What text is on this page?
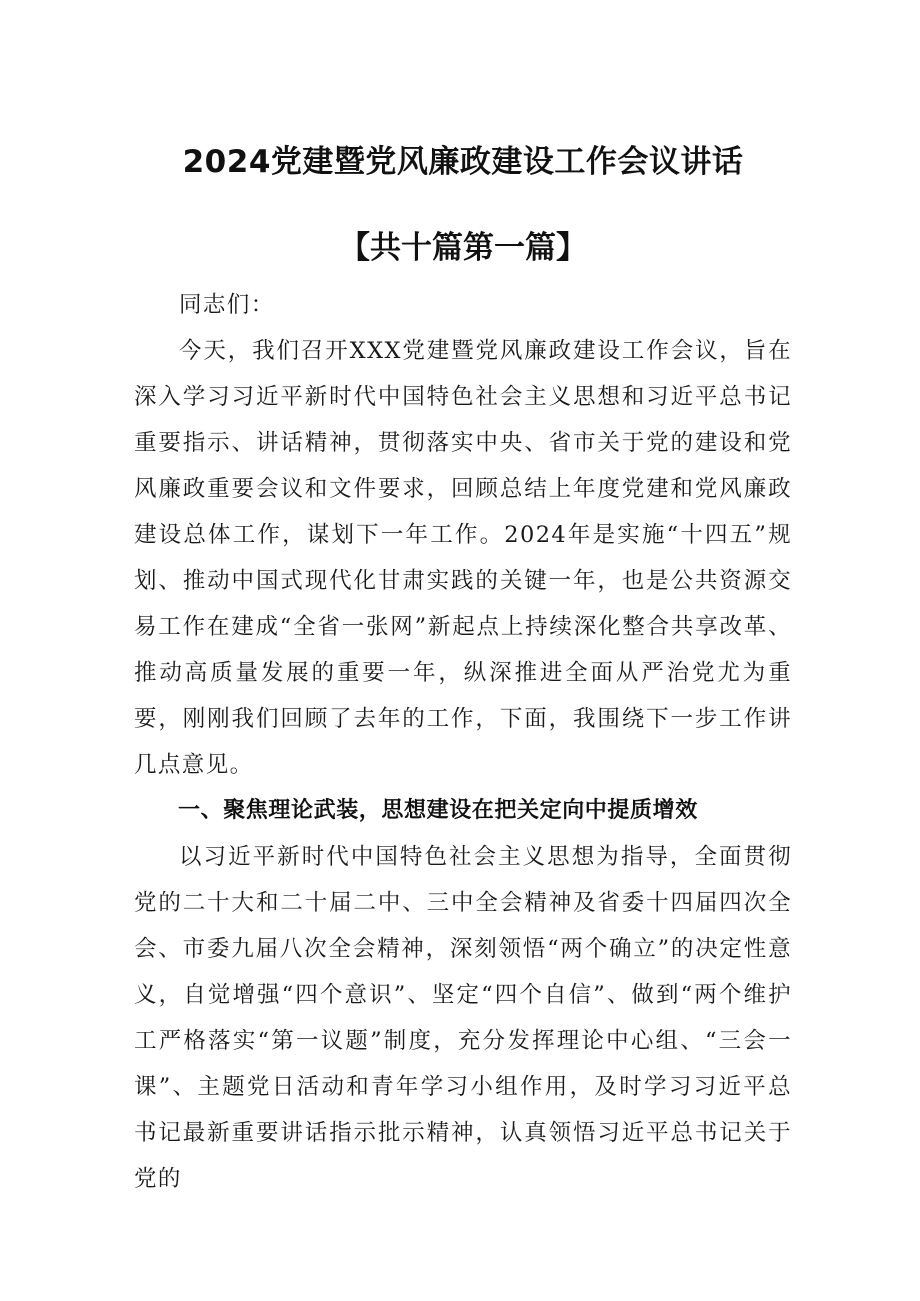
2024党建暨党风廉政建设工作会议讲话
【共十篇第一篇】

同志们：

今天，我们召开XXX党建暨党风廉政建设工作会议，旨在深入学习习近平新时代中国特色社会主义思想和习近平总书记重要指示、讲话精神，贯彻落实中央、省市关于党的建设和党风廉政重要会议和文件要求，回顾总结上年度党建和党风廉政建设总体工作，谋划下一年工作。2024年是实施“十四五”规划、推动中国式现代化甘肃实践的关键一年，也是公共资源交易工作在建成“全省一张网”新起点上持续深化整合共享改革、推动高质量发展的重要一年，纵深推进全面从严治党尤为重要，刚刚我们回顾了去年的工作，下面，我围绕下一步工作讲几点意见。

一、聚焦理论武装，思想建设在把关定向中提质增效

以习近平新时代中国特色社会主义思想为指导，全面贯彻党的二十大和二十届二中、三中全会精神及省委十四届四次全会、市委九届八次全会精神，深刻领悟“两个确立”的决定性意义，自觉增强“四个意识”、坚定“四个自信”、做到“两个维护工严格落实“第一议题”制度，充分发挥理论中心组、“三会一课”、主题党日活动和青年学习小组作用，及时学习习近平总书记最新重要讲话指示批示精神，认真领悟习近平总书记关于党的
